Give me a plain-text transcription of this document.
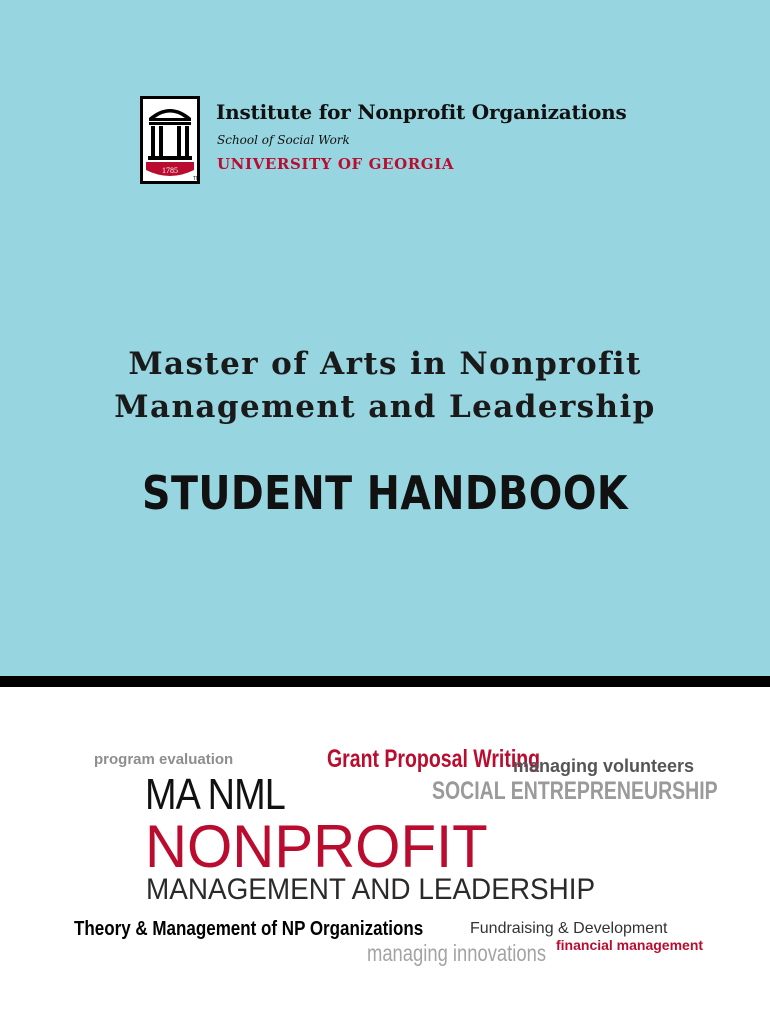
1785
TM
Institute for Nonprofit Organizations
School of Social Work
UNIVERSITY OF GEORGIA
Master of Arts in Nonprofit
Management and Leadership
STUDENT HANDBOOK
program evaluation	Grant Proposal Writing
managing volunteers
SOCIAL ENTREPRENEURSHIP
MA NML
NONPROFIT
MANAGEMENT AND LEADERSHIP
Theory & Management of NP Organizations	Fundraising & Development
managing innovations financial management
